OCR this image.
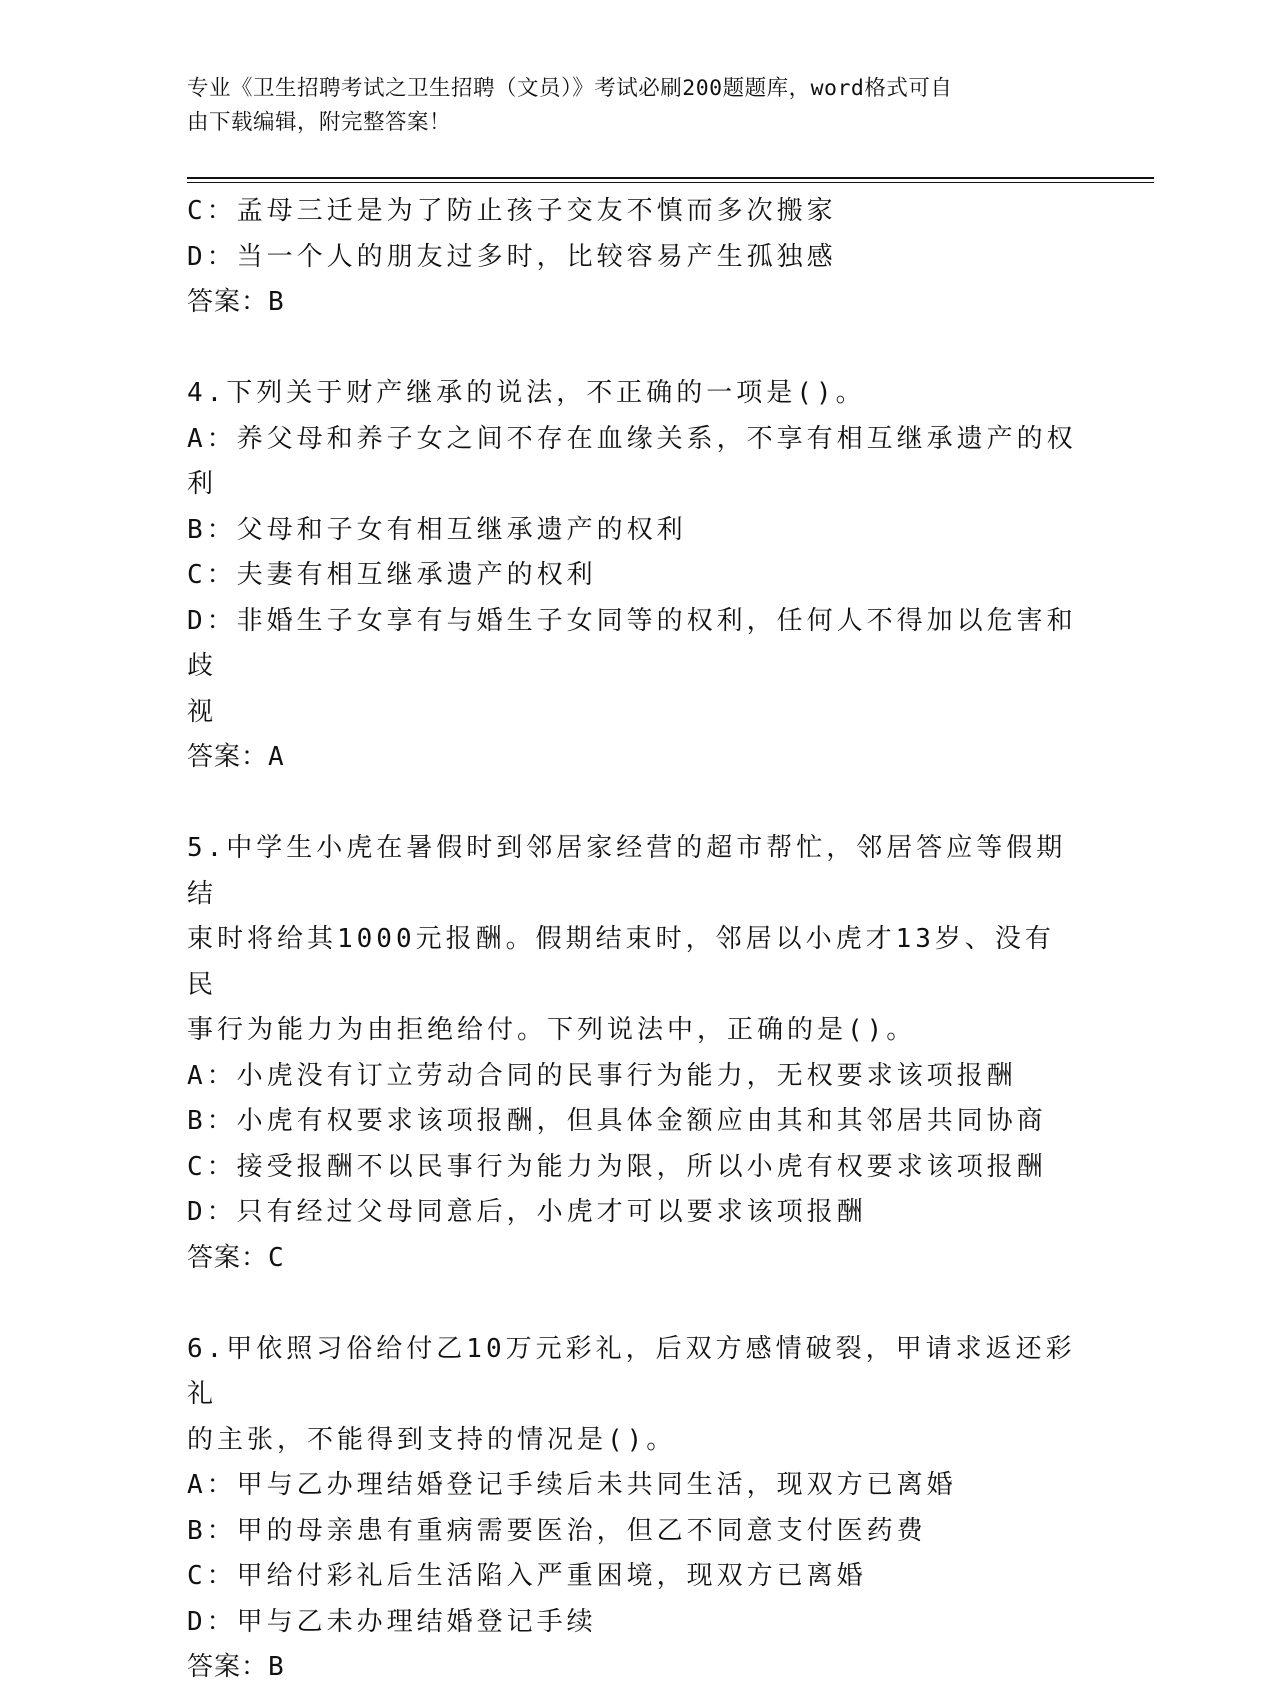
专业《卫生招聘考试之卫生招聘（文员）》考试必刷200题题库，word格式可自
由下载编辑，附完整答案！

C：孟母三迁是为了防止孩子交友不慎而多次搬家

D：当一个人的朋友过多时，比较容易产生孤独感

答案：B

4.下列关于财产继承的说法，不正确的一项是()。

A：养父母和养子女之间不存在血缘关系，不享有相互继承遗产的权利

B：父母和子女有相互继承遗产的权利

C：夫妻有相互继承遗产的权利

D：非婚生子女享有与婚生子女同等的权利，任何人不得加以危害和歧

视

答案：A

5.中学生小虎在暑假时到邻居家经营的超市帮忙，邻居答应等假期结

束时将给其1000元报酬。假期结束时，邻居以小虎才13岁、没有民

事行为能力为由拒绝给付。下列说法中，正确的是()。

A：小虎没有订立劳动合同的民事行为能力，无权要求该项报酬

B：小虎有权要求该项报酬，但具体金额应由其和其邻居共同协商

C：接受报酬不以民事行为能力为限，所以小虎有权要求该项报酬

D：只有经过父母同意后，小虎才可以要求该项报酬

答案：C

6.甲依照习俗给付乙10万元彩礼，后双方感情破裂，甲请求返还彩礼

的主张，不能得到支持的情况是()。

A：甲与乙办理结婚登记手续后未共同生活，现双方已离婚

B：甲的母亲患有重病需要医治，但乙不同意支付医药费

C：甲给付彩礼后生活陷入严重困境，现双方已离婚

D：甲与乙未办理结婚登记手续

答案：B
